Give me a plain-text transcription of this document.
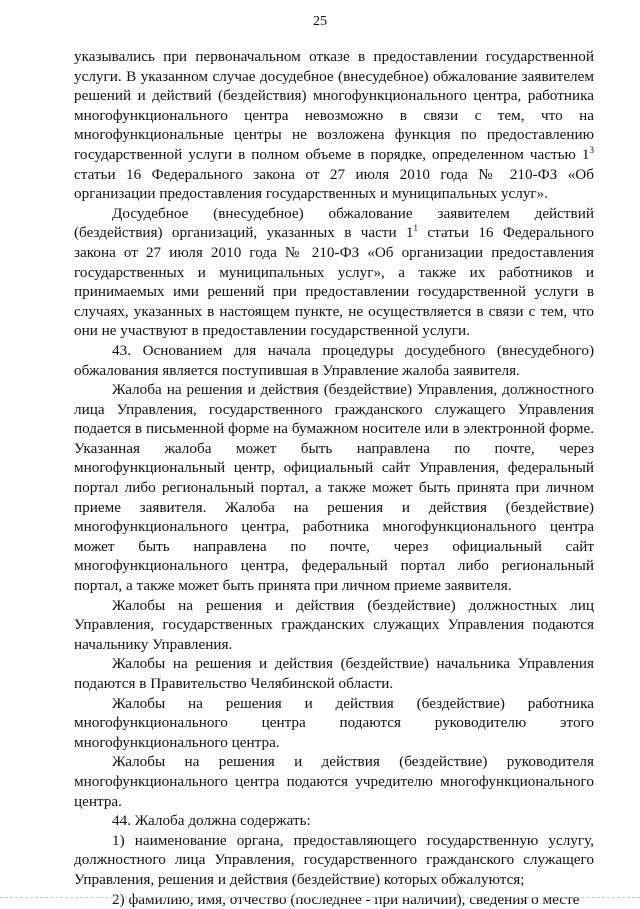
25

указывались при первоначальном отказе в предоставлении государственной услуги. В указанном случае досудебное (внесудебное) обжалование заявителем решений и действий (бездействия) многофункционального центра, работника многофункционального центра невозможно в связи с тем, что на многофункциональные центры не возложена функция по предоставлению государственной услуги в полном объеме в порядке, определенном частью $1^3$ статьи 16 Федерального закона от 27 июля 2010 года № 210-ФЗ «Об организации предоставления государственных и муниципальных услуг».

Досудебное (внесудебное) обжалование заявителем действий (бездействия) организаций, указанных в части $1^1$ статьи 16 Федерального закона от 27 июля 2010 года № 210-ФЗ «Об организации предоставления государственных и муниципальных услуг», а также их работников и принимаемых ими решений при предоставлении государственной услуги в случаях, указанных в настоящем пункте, не осуществляется в связи с тем, что они не участвуют в предоставлении государственной услуги.

43. Основанием для начала процедуры досудебного (внесудебного) обжалования является поступившая в Управление жалоба заявителя.

Жалоба на решения и действия (бездействие) Управления, должностного лица Управления, государственного гражданского служащего Управления подается в письменной форме на бумажном носителе или в электронной форме. Указанная жалоба может быть направлена по почте, через многофункциональный центр, официальный сайт Управления, федеральный портал либо региональный портал, а также может быть принята при личном приеме заявителя. Жалоба на решения и действия (бездействие) многофункционального центра, работника многофункционального центра может быть направлена по почте, через официальный сайт многофункционального центра, федеральный портал либо региональный портал, а также может быть принята при личном приеме заявителя.

Жалобы на решения и действия (бездействие) должностных лиц Управления, государственных гражданских служащих Управления подаются начальнику Управления.

Жалобы на решения и действия (бездействие) начальника Управления подаются в Правительство Челябинской области.

Жалобы на решения и действия (бездействие) работника многофункционального центра подаются руководителю этого многофункционального центра.

Жалобы на решения и действия (бездействие) руководителя многофункционального центра подаются учредителю многофункционального центра.

44. Жалоба должна содержать:

1) наименование органа, предоставляющего государственную услугу, должностного лица Управления, государственного гражданского служащего Управления, решения и действия (бездействие) которых обжалуются;

2) фамилию, имя, отчество (последнее - при наличии), сведения о месте
